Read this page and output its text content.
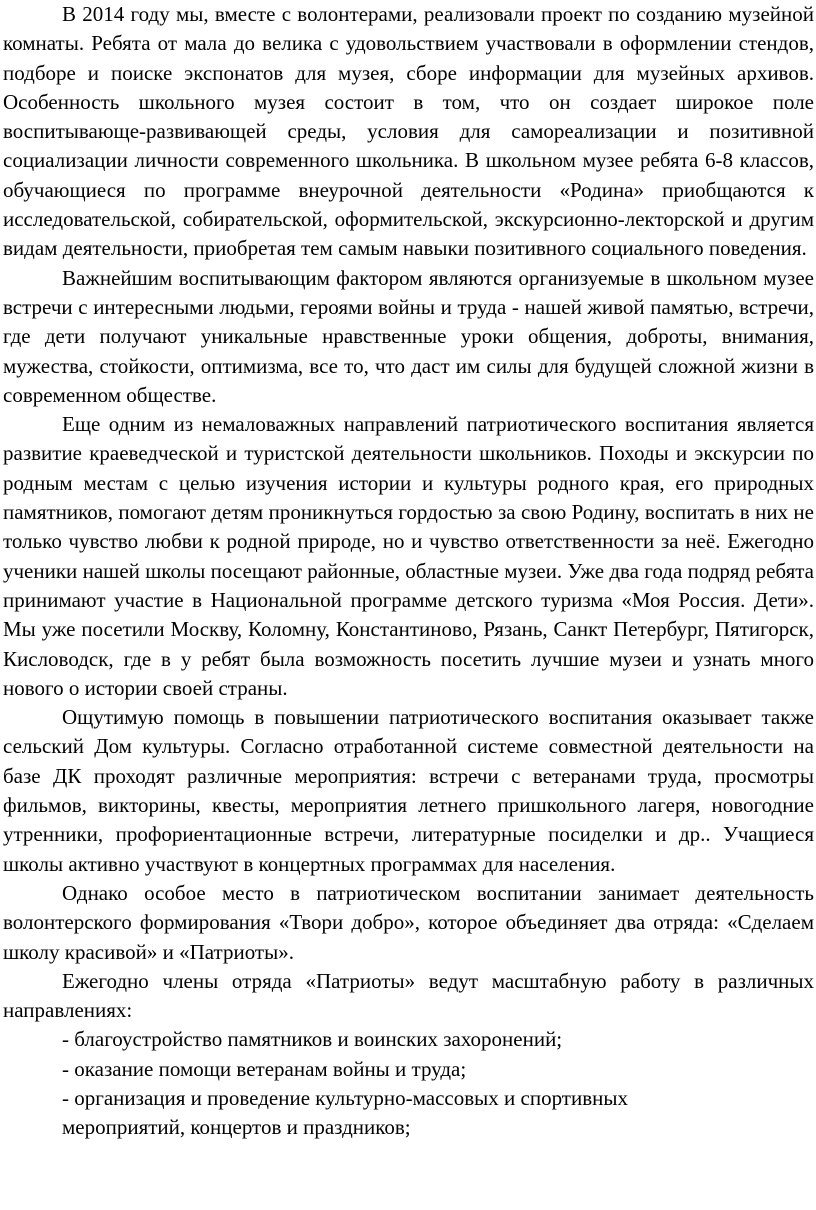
В 2014 году мы, вместе с волонтерами, реализовали проект по созданию музейной комнаты. Ребята от мала до велика с удовольствием участвовали в оформлении стендов, подборе и поиске экспонатов для музея, сборе информации для музейных архивов. Особенность школьного музея состоит в том, что он создает широкое поле воспитывающе-развивающей среды, условия для самореализации и позитивной социализации личности современного школьника. В школьном музее ребята 6-8 классов, обучающиеся по программе внеурочной деятельности «Родина» приобщаются к исследовательской, собирательской, оформительской, экскурсионно-лекторской и другим видам деятельности, приобретая тем самым навыки позитивного социального поведения.

Важнейшим воспитывающим фактором являются организуемые в школьном музее встречи с интересными людьми, героями войны и труда - нашей живой памятью, встречи, где дети получают уникальные нравственные уроки общения, доброты, внимания, мужества, стойкости, оптимизма, все то, что даст им силы для будущей сложной жизни в современном обществе.

Еще одним из немаловажных направлений патриотического воспитания является развитие краеведческой и туристской деятельности школьников. Походы и экскурсии по родным местам с целью изучения истории и культуры родного края, его природных памятников, помогают детям проникнуться гордостью за свою Родину, воспитать в них не только чувство любви к родной природе, но и чувство ответственности за неё. Ежегодно ученики нашей школы посещают районные, областные музеи. Уже два года подряд ребята принимают участие в Национальной программе детского туризма «Моя Россия. Дети». Мы уже посетили Москву, Коломну, Константиново, Рязань, Санкт Петербург, Пятигорск, Кисловодск, где в у ребят была возможность посетить лучшие музеи и узнать много нового о истории своей страны.

Ощутимую помощь в повышении патриотического воспитания оказывает также сельский Дом культуры. Согласно отработанной системе совместной деятельности на базе ДК проходят различные мероприятия: встречи с ветеранами труда, просмотры фильмов, викторины, квесты, мероприятия летнего пришкольного лагеря, новогодние утренники, профориентационные встречи, литературные посиделки и др.. Учащиеся школы активно участвуют в концертных программах для населения.

Однако особое место в патриотическом воспитании занимает деятельность волонтерского формирования «Твори добро», которое объединяет два отряда: «Сделаем школу красивой» и «Патриоты».

Ежегодно члены отряда «Патриоты» ведут масштабную работу в различных направлениях:

- благоустройство памятников и воинских захоронений;
- оказание помощи ветеранам войны и труда;
- организация и проведение культурно-массовых и спортивных
мероприятий, концертов и праздников;
